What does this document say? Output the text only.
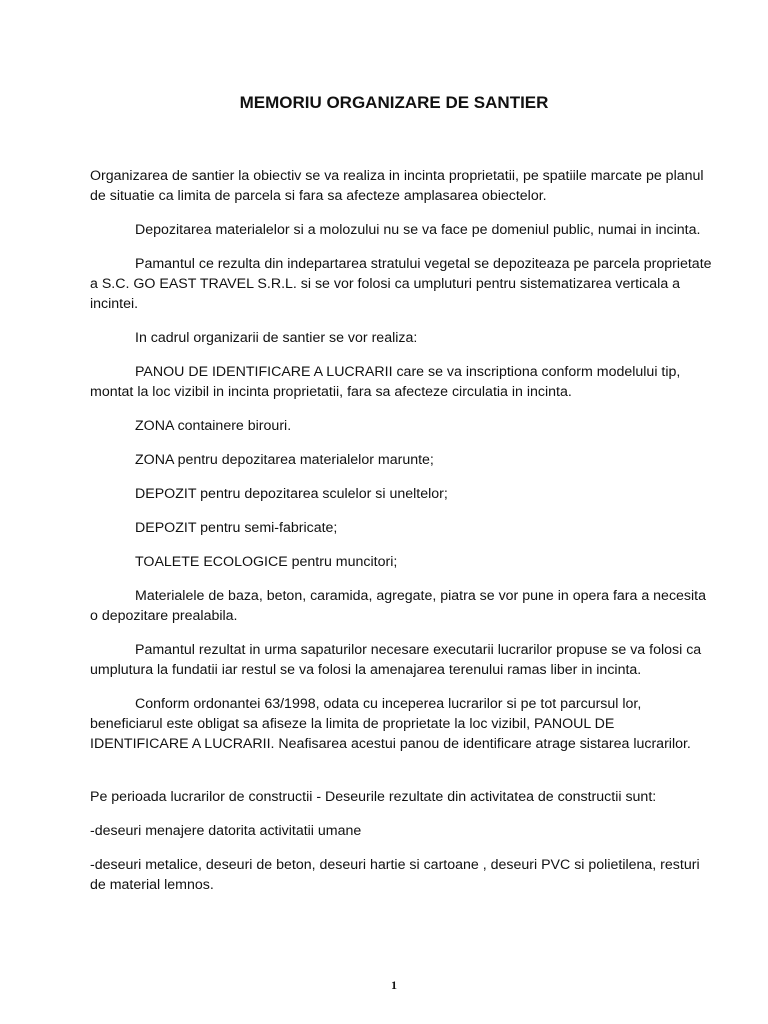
MEMORIU ORGANIZARE DE SANTIER

Organizarea de santier la obiectiv se va realiza in incinta proprietatii, pe spatiile marcate pe planul de situatie ca limita de parcela si fara sa afecteze amplasarea obiectelor.

Depozitarea materialelor si a molozului nu se va face pe domeniul public, numai in incinta.

Pamantul ce rezulta din indepartarea stratului vegetal se depoziteaza pe parcela proprietate a S.C. GO EAST TRAVEL S.R.L. si se vor folosi ca umpluturi pentru sistematizarea verticala a incintei.

In cadrul organizarii de santier se vor realiza:

PANOU DE IDENTIFICARE A LUCRARII care se va inscriptiona conform modelului tip, montat la loc vizibil in incinta proprietatii, fara sa afecteze circulatia in incinta.

ZONA containere birouri.

ZONA pentru depozitarea materialelor marunte;

DEPOZIT pentru depozitarea sculelor si uneltelor;

DEPOZIT pentru semi-fabricate;

TOALETE ECOLOGICE pentru muncitori;

Materialele de baza, beton, caramida, agregate, piatra se vor pune in opera fara a necesita o depozitare prealabila.

Pamantul rezultat in urma sapaturilor necesare executarii lucrarilor propuse se va folosi ca umplutura la fundatii iar restul se va folosi la amenajarea terenului ramas liber in incinta.

Conform ordonantei 63/1998, odata cu inceperea lucrarilor si pe tot parcursul lor, beneficiarul este obligat sa afiseze la limita de proprietate la loc vizibil, PANOUL DE IDENTIFICARE A LUCRARII. Neafisarea acestui panou de identificare atrage sistarea lucrarilor.

Pe perioada lucrarilor de constructii - Deseurile rezultate din activitatea de constructii sunt:

-deseuri menajere datorita activitatii umane

-deseuri metalice, deseuri de beton, deseuri hartie si cartoane , deseuri PVC si polietilena, resturi de material lemnos.

1
